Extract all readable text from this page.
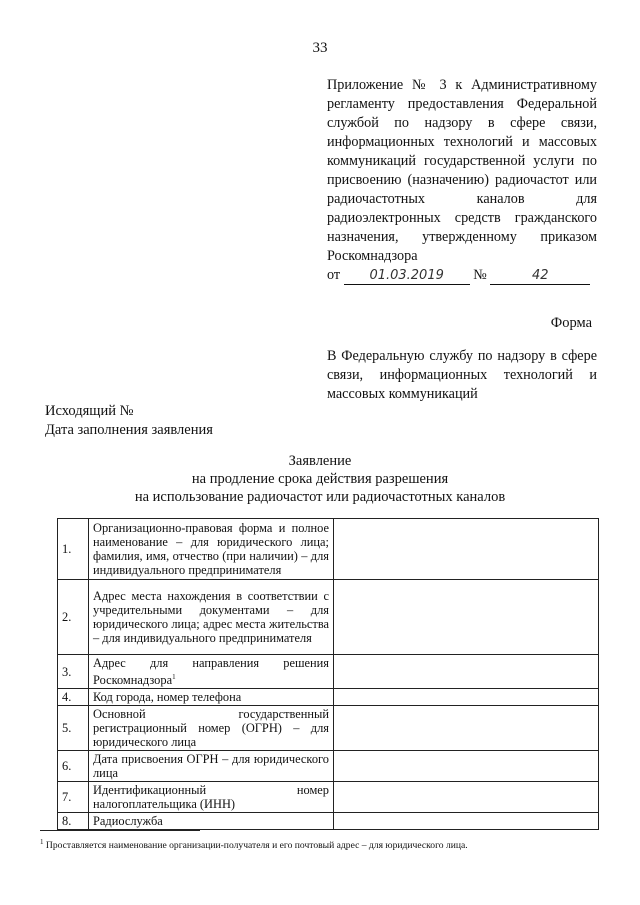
33
Приложение № 3 к Административному регламенту предоставления Федеральной службой по надзору в сфере связи, информационных технологий и массовых коммуникаций государственной услуги по присвоению (назначению) радиочастот или радиочастотных каналов для радиоэлектронных средств гражданского назначения, утвержденному приказом Роскомнадзора
от 01.03.2019 №	42
Форма
В Федеральную службу по надзору в сфере связи, информационных технологий и массовых коммуникаций
Исходящий №
Дата заполнения заявления
Заявление
на продление срока действия разрешения
на использование радиочастот или радиочастотных каналов
1.	Организационно-правовая форма и полное наименование – для юридического лица; фамилия, имя, отчество (при наличии) – для индивидуального предпринимателя	
2.	Адрес места нахождения в соответствии с учредительными документами – для юридического лица; адрес места жительства – для индивидуального предпринимателя	
3.	Адрес для направления решения Роскомнадзора$^1$	
4.	Код города, номер телефона	
5.	Основной государственный регистрационный номер (ОГРН) – для юридического лица	
6.	Дата присвоения ОГРН – для юридического лица	
7.	Идентификационный номер налогоплательщика (ИНН)	
8.	Радиослужба	
$^1$ Проставляется наименование организации-получателя и его почтовый адрес – для юридического лица.
